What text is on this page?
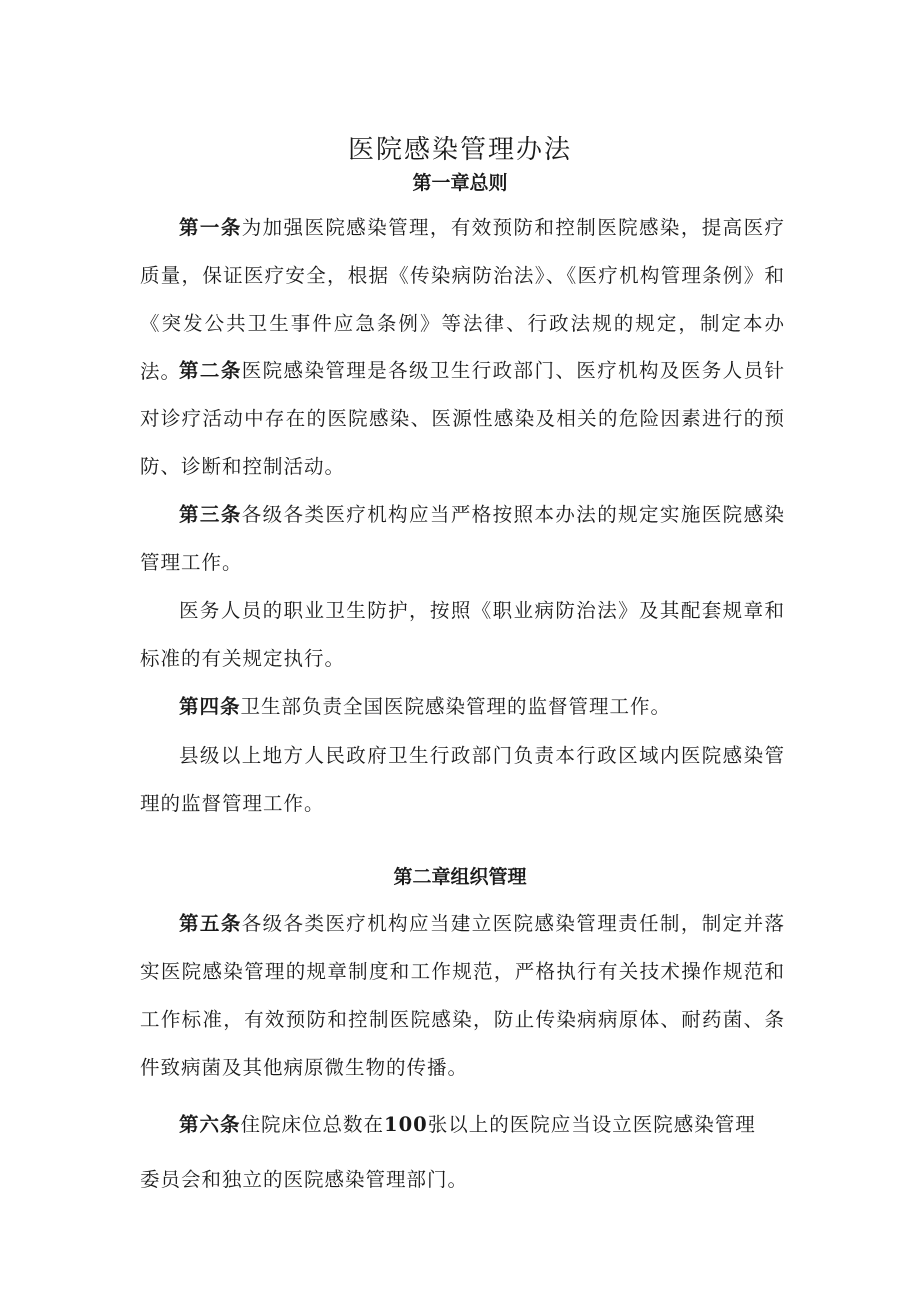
医院感染管理办法
第一章总则

第一条为加强医院感染管理，有效预防和控制医院感染，提高医疗质量，保证医疗安全，根据《传染病防治法》、《医疗机构管理条例》和《突发公共卫生事件应急条例》等法律、行政法规的规定，制定本办法。

第二条医院感染管理是各级卫生行政部门、医疗机构及医务人员针对诊疗活动中存在的医院感染、医源性感染及相关的危险因素进行的预防、诊断和控制活动。

第三条各级各类医疗机构应当严格按照本办法的规定实施医院感染管理工作。

医务人员的职业卫生防护，按照《职业病防治法》及其配套规章和标准的有关规定执行。

第四条卫生部负责全国医院感染管理的监督管理工作。

县级以上地方人民政府卫生行政部门负责本行政区域内医院感染管理的监督管理工作。

第二章组织管理

第五条各级各类医疗机构应当建立医院感染管理责任制，制定并落实医院感染管理的规章制度和工作规范，严格执行有关技术操作规范和工作标准，有效预防和控制医院感染，防止传染病病原体、耐药菌、条件致病菌及其他病原微生物的传播。

第六条住院床位总数在100张以上的医院应当设立医院感染管理

委员会和独立的医院感染管理部门。
